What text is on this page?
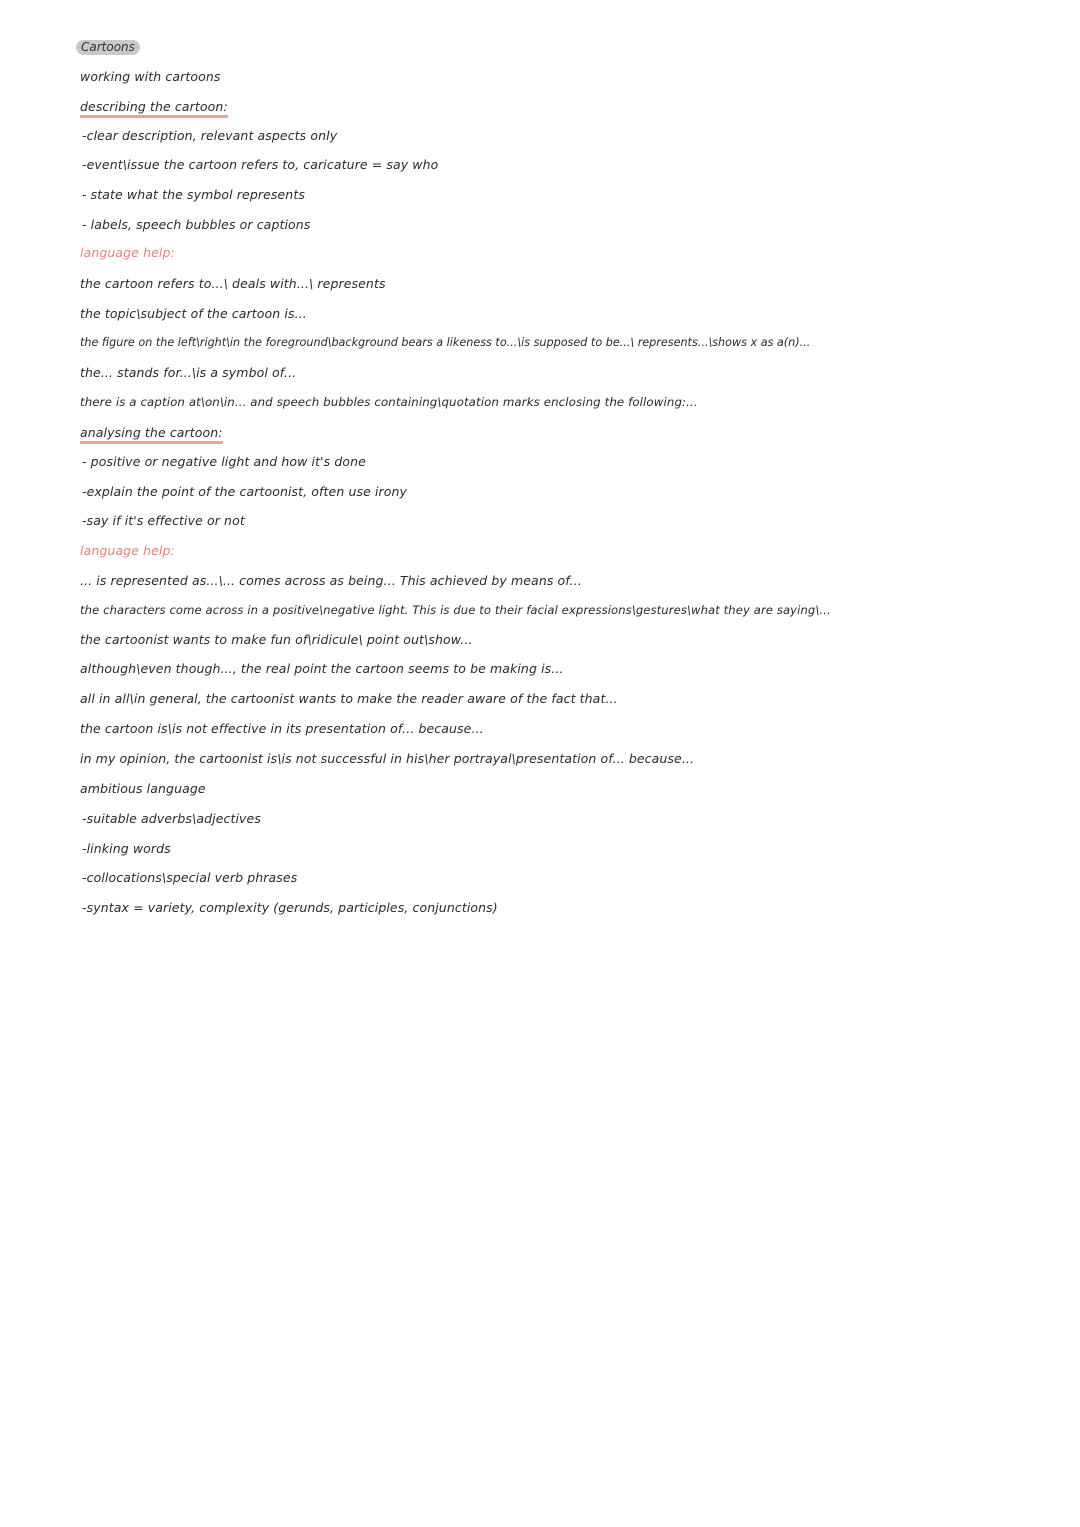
Cartoons
working with cartoons
describing the cartoon:
-clear description, relevant aspects only
-event\issue the cartoon refers to, caricature = say who
- state what the symbol represents
- labels, speech bubbles or captions
language help:
the cartoon refers to...\ deals with...\ represents
the topic\subject of the cartoon is...
the figure on the left\right\in the foreground\background bears a likeness to...\is supposed to be...\ represents...\shows x as a(n)...
the... stands for...\is a symbol of...
there is a caption at\on\in... and speech bubbles containing\quotation marks enclosing the following:...
analysing the cartoon:
- positive or negative light and how it's done
-explain the point of the cartoonist, often use irony
-say if it's effective or not
language help:
... is represented as...\... comes across as being... This achieved by means of...
the characters come across in a positive\negative light. This is due to their facial expressions\gestures\what they are saying\...
the cartoonist wants to make fun of\ridicule\ point out\show...
although\even though..., the real point the cartoon seems to be making is...
all in all\in general, the cartoonist wants to make the reader aware of the fact that...
the cartoon is\is not effective in its presentation of... because...
in my opinion, the cartoonist is\is not successful in his\her portrayal\presentation of... because...
ambitious language
-suitable adverbs\adjectives
-linking words
-collocations\special verb phrases
-syntax = variety, complexity (gerunds, participles, conjunctions)
